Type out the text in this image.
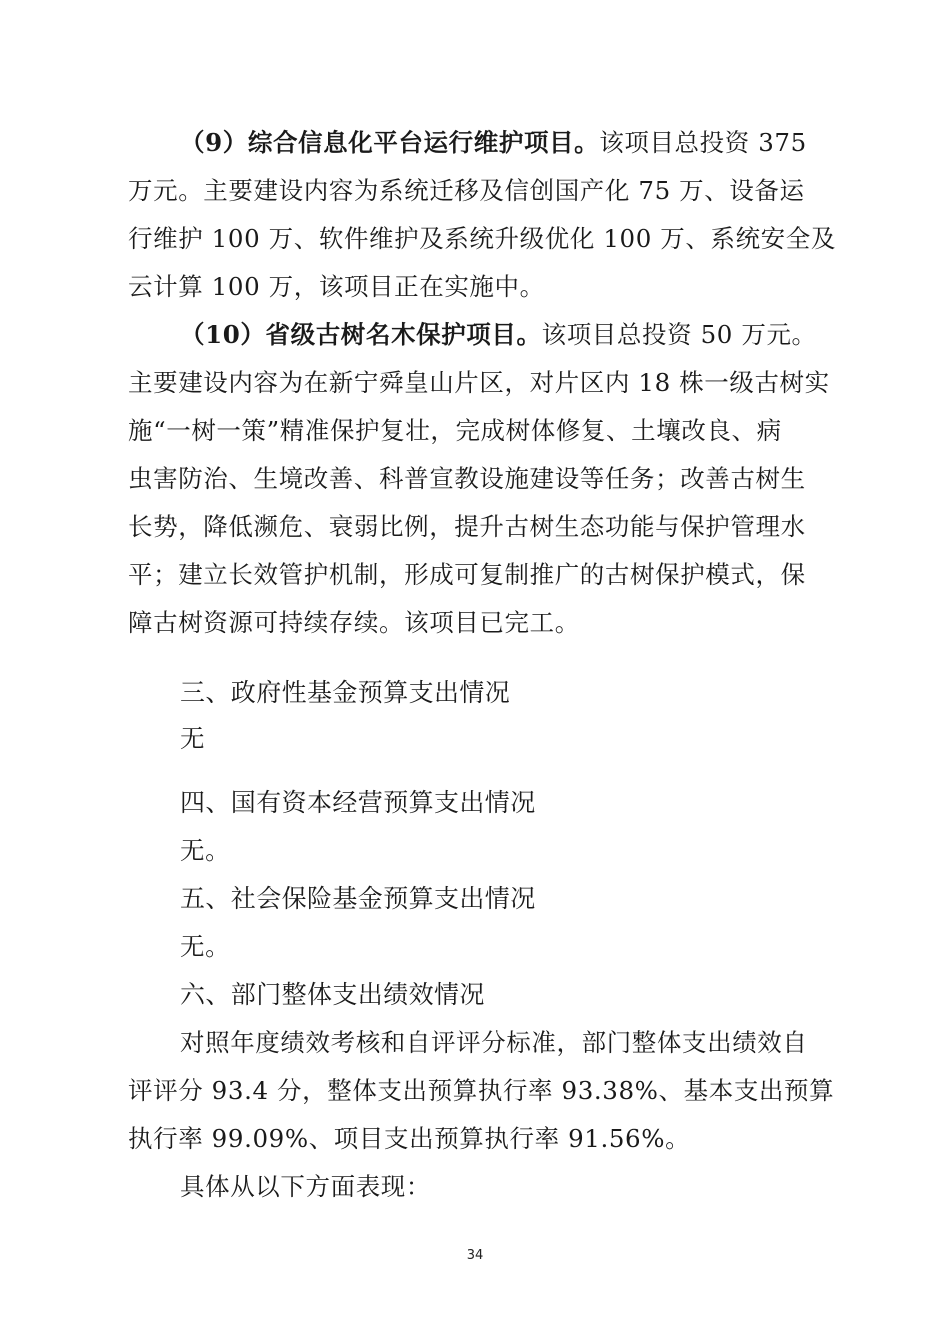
（9）综合信息化平台运行维护项目。该项目总投资 375
万元。主要建设内容为系统迁移及信创国产化 75 万、设备运
行维护 100 万、软件维护及系统升级优化 100 万、系统安全及
云计算 100 万，该项目正在实施中。
（10）省级古树名木保护项目。该项目总投资 50 万元。
主要建设内容为在新宁舜皇山片区，对片区内 18 株一级古树实
施“一树一策”精准保护复壮，完成树体修复、土壤改良、病
虫害防治、生境改善、科普宣教设施建设等任务；改善古树生
长势，降低濒危、衰弱比例，提升古树生态功能与保护管理水
平；建立长效管护机制，形成可复制推广的古树保护模式，保
障古树资源可持续存续。该项目已完工。
三、政府性基金预算支出情况
无
四、国有资本经营预算支出情况
无。
五、社会保险基金预算支出情况
无。
六、部门整体支出绩效情况
对照年度绩效考核和自评评分标准，部门整体支出绩效自
评评分 93.4 分，整体支出预算执行率 93.38%、基本支出预算
执行率 99.09%、项目支出预算执行率 91.56%。
具体从以下方面表现：
34
